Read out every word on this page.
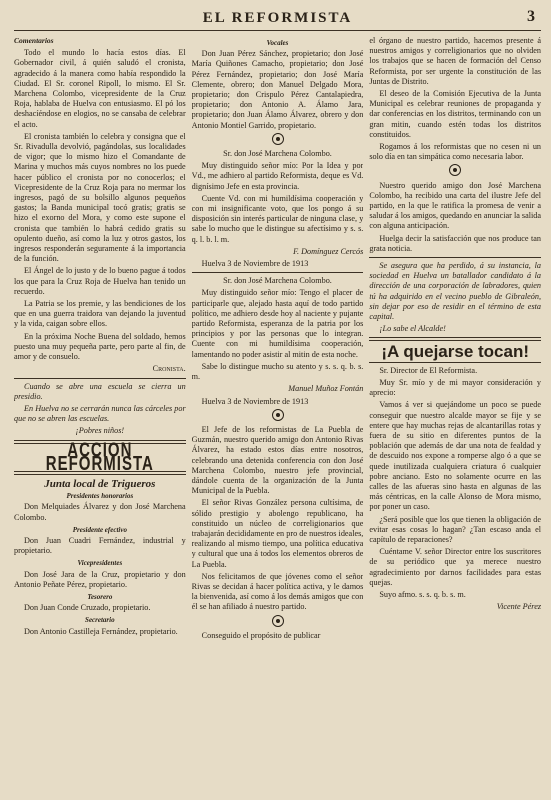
EL REFORMISTA	3
Comentarios

Todo el mundo lo hacía estos días. El Gobernador civil, á quién saludó el cronista, agradecido á la manera como había respondido la Ciudad. El Sr. coronel Ripoll, lo mismo. El Sr. Marchena Colombo, vicepresidente de la Cruz Roja, hablaba de Huelva con entusiasmo. El pó los deshacíéndose en elogios, no se cansaba de celebrar el acto.

El cronista también lo celebra y consigna que el Sr. Rivadulla devolvió, pagándolas, sus localidades de vigor; que lo mismo hizo el Comandante de Marina y muchos más cuyos nombres no los puede hacer público el cronista por no conocerlos; el Vicepresidente de la Cruz Roja para no mermar los ingresos, pagó de su bolsillo algunos pequeños gastos; la Banda municipal tocó gratis; gratis se hizo el exorno del Mora, y como este supone el cronista que también lo habrá cedido gratis su opulento dueño, así como la luz y otros gastos, los ingresos responderán seguramente á la importancia de la función.

El Ángel de lo justo y de lo bueno pague á todos los que para la Cruz Roja de Huelva han tenido un recuerdo.

La Patria se los premie, y las bendiciones de los que en una guerra traidora van dejando la juventud y la vida, caigan sobre ellos.

En la próxima Noche Buena del soldado, hemos puesto una muy pequeña parte, pero parte al fin, de amor y de consuelo.

Cronista.

Cuando se abre una escuela se cierra un presidio.

En Huelva no se cerrarán nunca las cárceles por que no se abren las escuelas.

¡Pobres niños!

ACCION REFORMISTA
Junta local de Trigueros
Presidentes honorarios

Don Melquiades Álvarez y don José Marchena Colombo.

Presidente efectivo

Don Juan Cuadri Fernández, industrial y propietario.

Vicepresidentes

Don José Jara de la Cruz, propietario y don Antonio Peñate Pérez, propietario.

Tesorero

Don Juan Conde Cruzado, propietario.

Secretario

Don Antonio Castilleja Fernández, propietario.

Vocales

Don Juan Pérez Sánchez, propietario; don José María Quiñones Camacho, propietario; don José Pérez Fernández, propietario; don José María Clemente, obrero; don Manuel Delgado Mora, propietario; don Crispulo Pérez Cantalapiedra, propietario; don Antonio A. Álamo Jara, propietario; don Juan Álamo Álvarez, obrero y don Antonio Montiel Garrido, propietario.

Sr. don José Marchena Colombo.

Muy distinguido señor mío: Por la Idea y por Vd., me adhiero al partido Reformista, deque es Vd. dignísimo Jefe en esta provincia.

Cuente Vd. con mi humildísima cooperación y con mi insignificante voto, que los pongo á su disposición sin interés particular de ninguna clase, y sabe lo mucho que le distingue su afectísimo y s. s. q. l. b. l. m.

F. Domínguez Cercós

Huelva 3 de Noviembre de 1913

Sr. don José Marchena Colombo.

Muy distinguido señor mío: Tengo el placer de participarle que, alejado hasta aquí de todo partido político, me adhiero desde hoy al naciente y pujante partido Reformista, esperanza de la patria por los principios y por las personas que lo integran. Cuente con mi humildísima cooperación, lamentando no poder asistir al mitin de esta noche.

Sabe lo distingue mucho su atento y s. s. q. b. s. m.

Manuel Muñoz Fontán

Huelva 3 de Noviembre de 1913

El Jefe de los reformistas de La Puebla de Guzmán, nuestro querido amigo don Antonio Rivas Álvarez, ha estado estos días entre nosotros, celebrando una detenida conferencia con don José Marchena Colombo, nuestro jefe provincial, dándole cuenta de la organización de la Junta Municipal de la Puebla.

El señor Rivas González persona cultísima, de sólido prestigio y abolengo republicano, ha constituido un núcleo de correligionarios que trabajarán decididamente en pro de nuestros ideales, realizando al mismo tiempo, una política educativa y cultural que una á todos los elementos obreros de La Puebla.

Nos felicitamos de que jóvenes como el señor Rivas se decidan á hacer política activa, y le damos la bienvenida, así como á los demás amigos que con él se han afiliado á nuestro partido.

Conseguido el propósito de publicar

el órgano de nuestro partido, hacemos presente á nuestros amigos y correligionarios que no olviden los trabajos que se hacen de formación del Censo Reformista, por ser urgente la constitución de las Juntas de Distrito.

El deseo de la Comisión Ejecutiva de la Junta Municipal es celebrar reuniones de propaganda y dar conferencias en los distritos, terminando con un gran mitin, cuando estén todas los distritos constituidos.

Rogamos á los reformistas que no cesen ni un solo día en tan simpática como necesaria labor.

Nuestro querido amigo don José Marchena Colombo, ha recibido una carta del ilustre Jefe del partido, en la que le ratifica la promesa de venir a saludar á los amigos, quedando en anunciar la salida con alguna anticipación.

Huelga decir la satisfacción que nos produce tan grata noticia.

Se asegura que ha perdido, á su instancia, la sociedad en Huelva un batallador candidato á la dirección de una corporación de labradores, quien tú ha adquirido en el vecino pueblo de Gibraleón, sin dejar por eso de residir en el término de esta capital.

¡Lo sabe el Alcalde!

¡A quejarse tocan!

Sr. Director de El Reformista.

Muy Sr. mío y de mi mayor consideración y aprecio:

Vamos á ver si quejándome un poco se puede conseguir que nuestro alcalde mayor se fije y se entere que hay muchas rejas de alcantarillas rotas y fuera de su sitio en diferentes puntos de la población que además de dar una nota de fealdad y de descuido nos expone a romperse algo ó a que se quede inutilizada cualquiera criatura ó cualquier pobre anciano. Esto no solamente ocurre en las calles de las afueras sino hasta en algunas de las más céntricas, en la calle Alonso de Mora mismo, por poner un caso.

¿Será posible que los que tienen la obligación de evitar esas cosas lo hagan? ¿Tan escaso anda el capítulo de reparaciones?

Cuéntame V. señor Director entre los suscritores de su periódico que ya merece nuestro agradecimiento por darnos facilidades para estas quejas.

Suyo afmo. s. s. q. b. s. m.

Vicente Pérez
